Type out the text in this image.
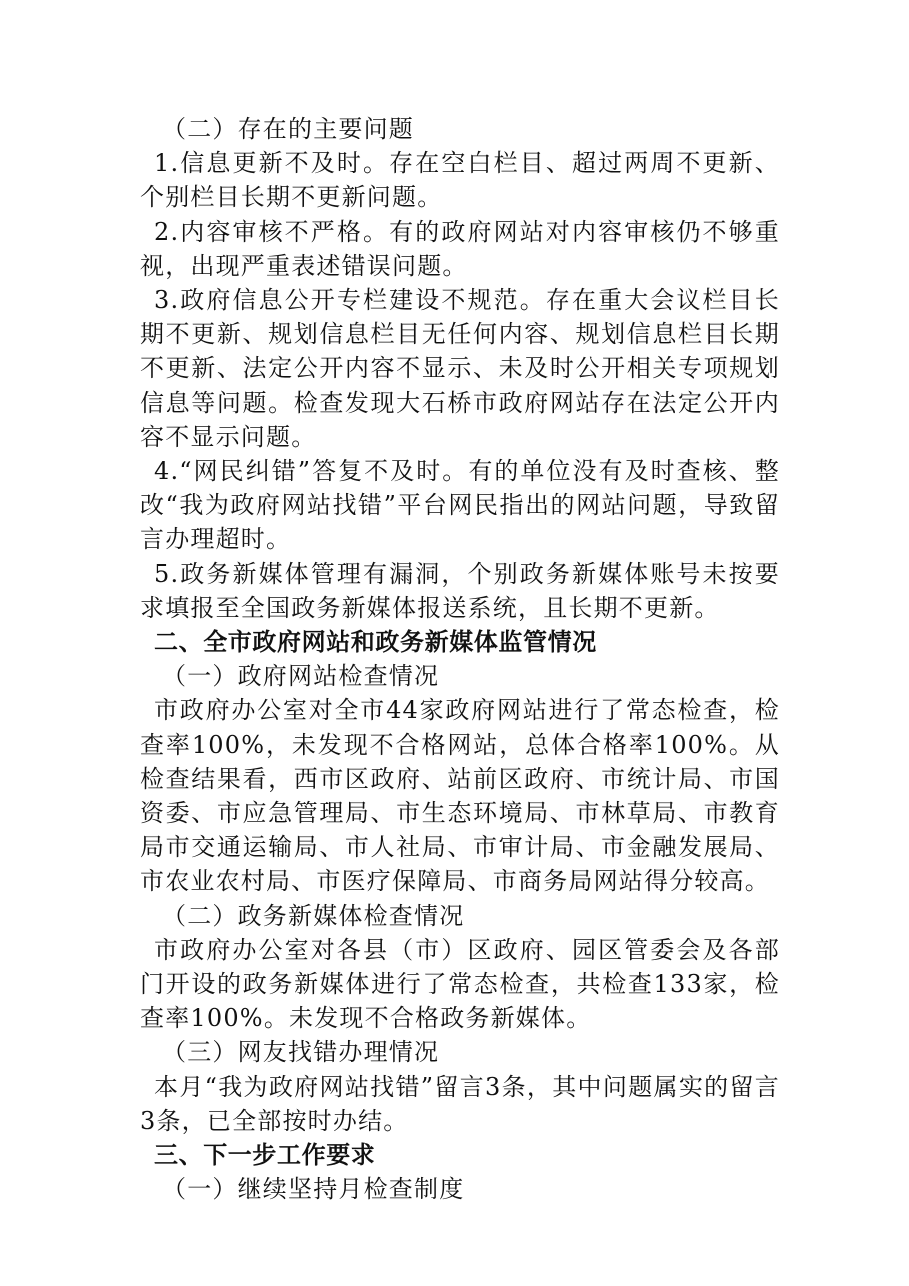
（二）存在的主要问题

1.信息更新不及时。存在空白栏目、超过两周不更新、个别栏目长期不更新问题。

2.内容审核不严格。有的政府网站对内容审核仍不够重视，出现严重表述错误问题。

3.政府信息公开专栏建设不规范。存在重大会议栏目长期不更新、规划信息栏目无任何内容、规划信息栏目长期不更新、法定公开内容不显示、未及时公开相关专项规划信息等问题。检查发现大石桥市政府网站存在法定公开内容不显示问题。

4.“网民纠错”答复不及时。有的单位没有及时查核、整改“我为政府网站找错”平台网民指出的网站问题，导致留言办理超时。

5.政务新媒体管理有漏洞，个别政务新媒体账号未按要求填报至全国政务新媒体报送系统，且长期不更新。

二、全市政府网站和政务新媒体监管情况

（一）政府网站检查情况

市政府办公室对全市44家政府网站进行了常态检查，检查率100%，未发现不合格网站，总体合格率100%。从检查结果看，西市区政府、站前区政府、市统计局、市国资委、市应急管理局、市生态环境局、市林草局、市教育局市交通运输局、市人社局、市审计局、市金融发展局、市农业农村局、市医疗保障局、市商务局网站得分较高。

（二）政务新媒体检查情况

市政府办公室对各县（市）区政府、园区管委会及各部门开设的政务新媒体进行了常态检查，共检查133家，检查率100%。未发现不合格政务新媒体。

（三）网友找错办理情况

本月“我为政府网站找错”留言3条，其中问题属实的留言3条，已全部按时办结。

三、下一步工作要求

（一）继续坚持月检查制度
